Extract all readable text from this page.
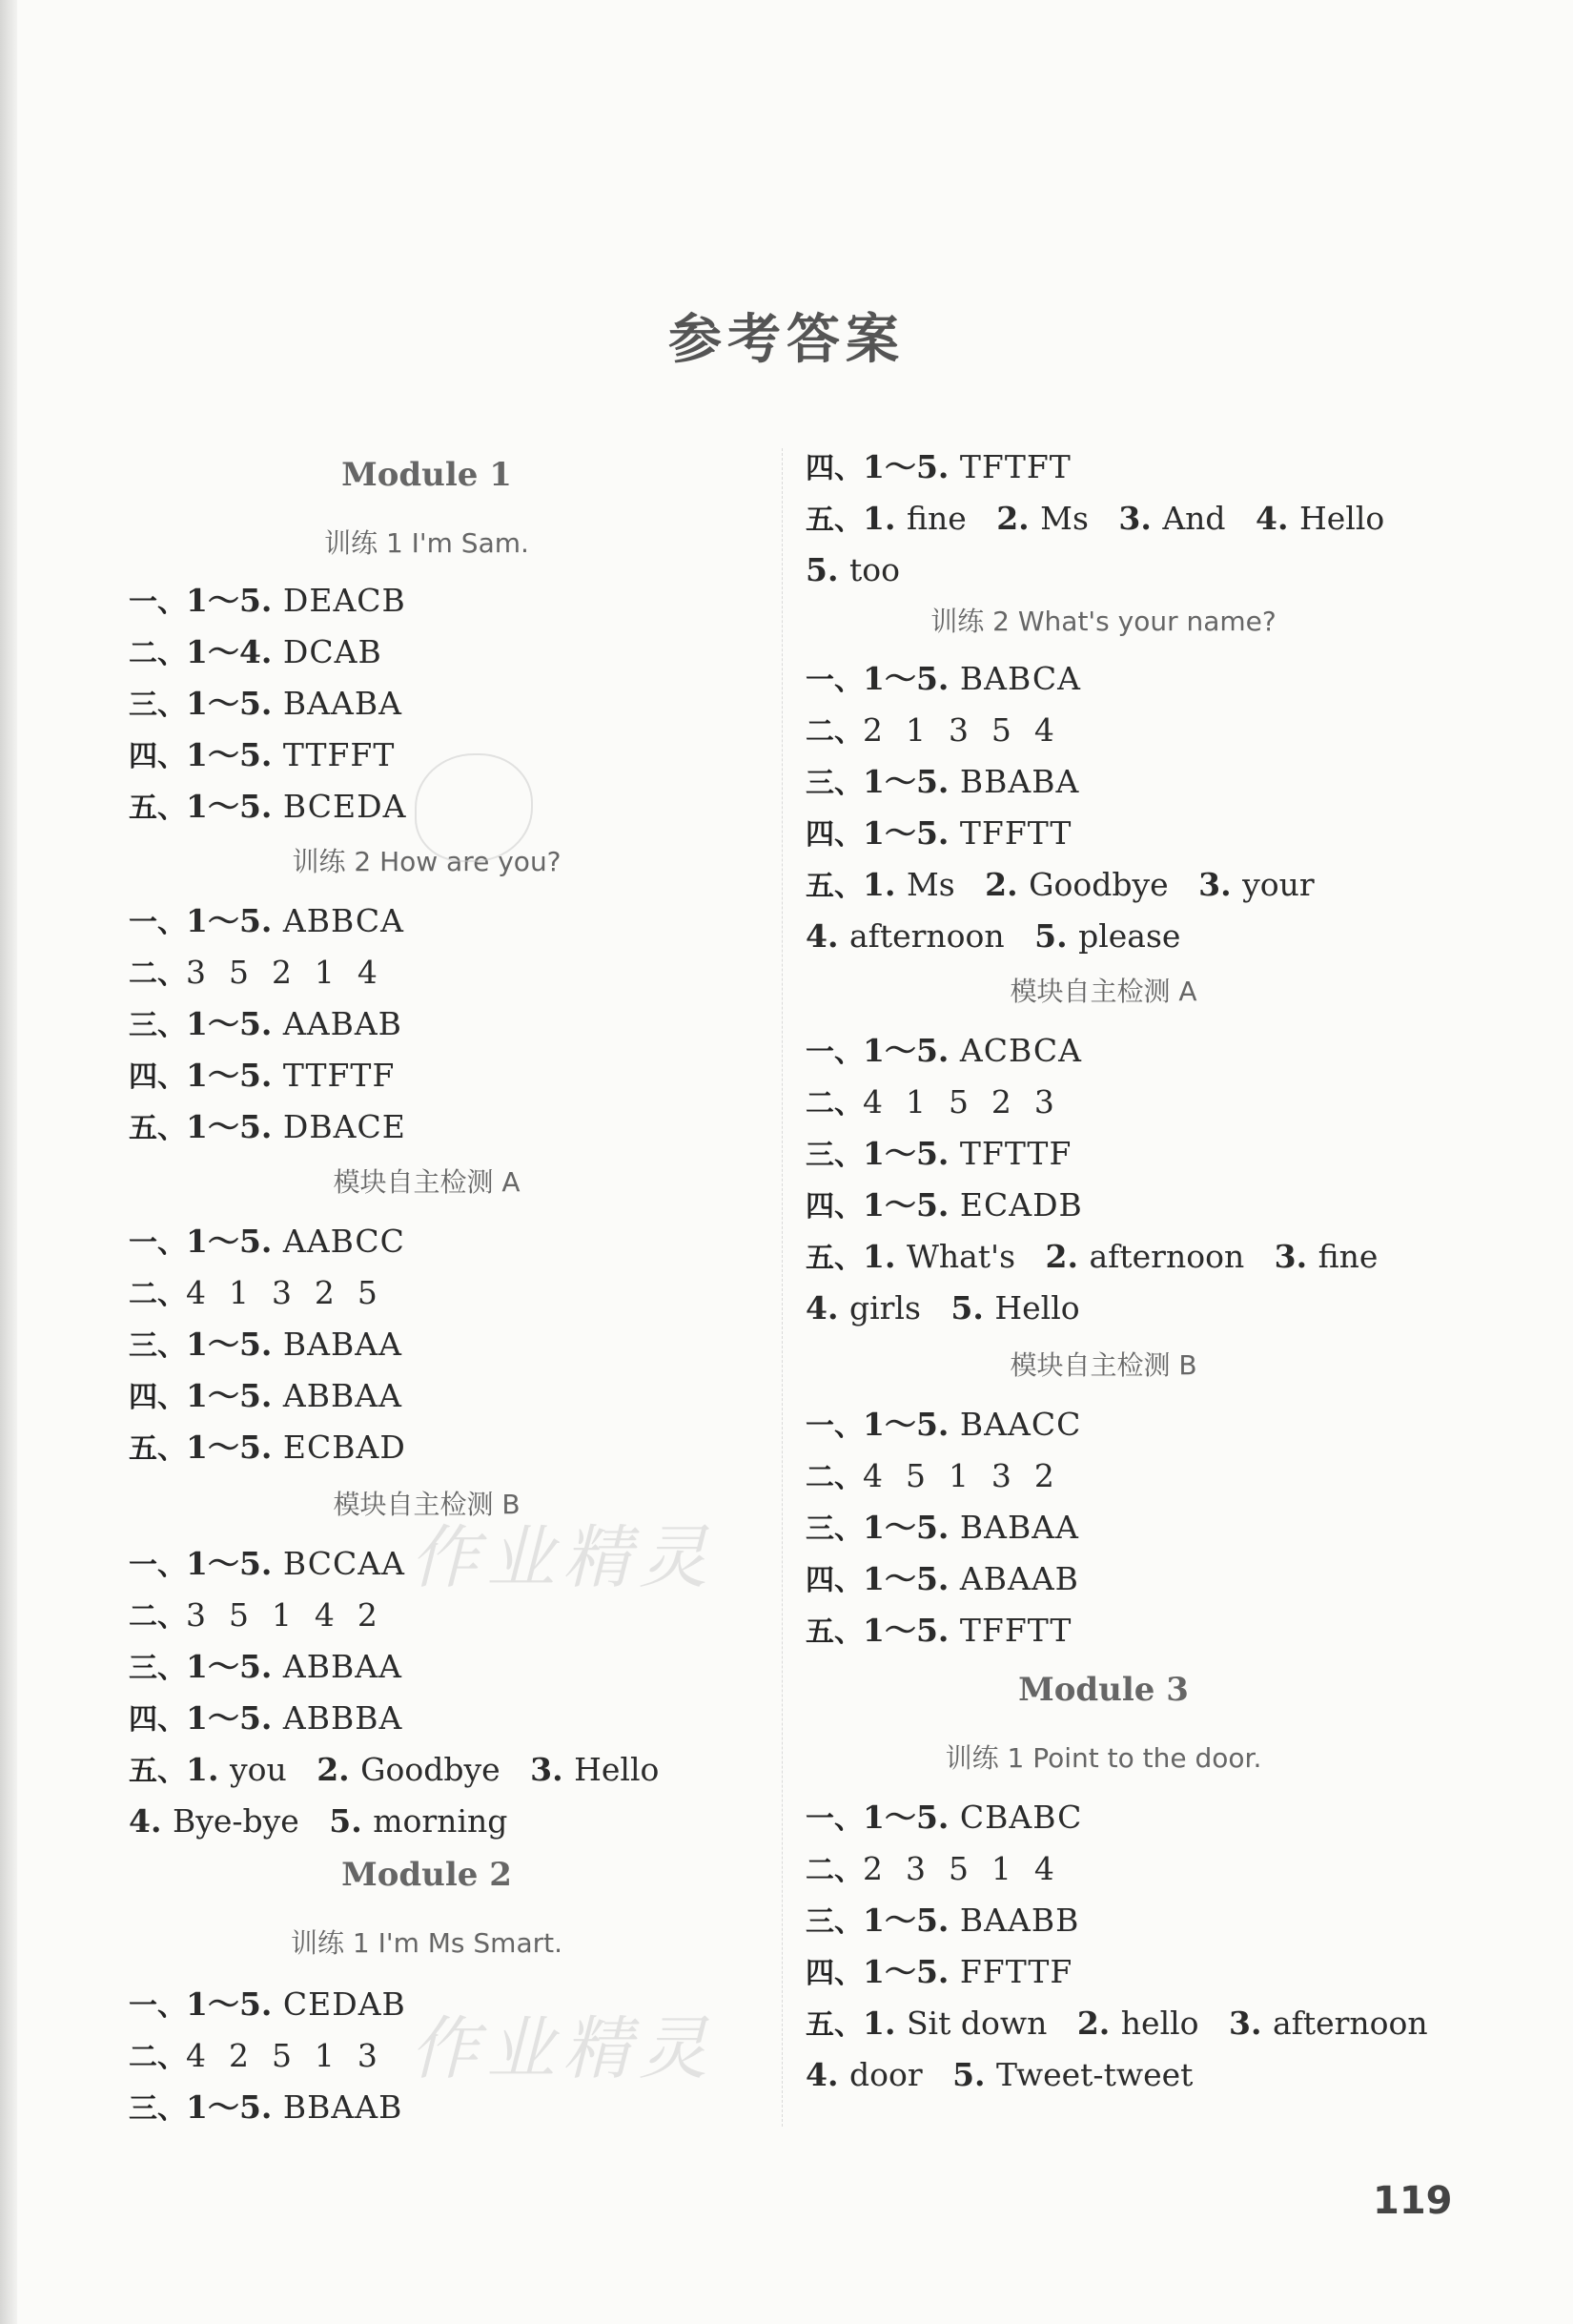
参考答案
Module 1
训练 1 I'm Sam.
一、1～5. DEACB
二、1～4. DCAB
三、1～5. BAABA
四、1～5. TTFFT
五、1～5. BCEDA
训练 2 How are you?
一、1～5. ABBCA
二、3  5  2  1  4
三、1～5. AABAB
四、1～5. TTFTF
五、1～5. DBACE
模块自主检测 A
一、1～5. AABCC
二、4  1  3  2  5
三、1～5. BABAA
四、1～5. ABBAA
五、1～5. ECBAD
模块自主检测 B
一、1～5. BCCAA
二、3  5  1  4  2
三、1～5. ABBAA
四、1～5. ABBBA
五、1. you   2. Goodbye   3. Hello
4. Bye-bye   5. morning
Module 2
训练 1 I'm Ms Smart.
一、1～5. CEDAB
二、4  2  5  1  3
三、1～5. BBAAB
四、1～5. TFTFT
五、1. fine   2. Ms   3. And   4. Hello
5. too
训练 2 What's your name?
一、1～5. BABCA
二、2  1  3  5  4
三、1～5. BBABA
四、1～5. TFFTT
五、1. Ms   2. Goodbye   3. your
4. afternoon   5. please
模块自主检测 A
一、1～5. ACBCA
二、4  1  5  2  3
三、1～5. TFTTF
四、1～5. ECADB
五、1. What's   2. afternoon   3. fine
4. girls   5. Hello
模块自主检测 B
一、1～5. BAACC
二、4  5  1  3  2
三、1～5. BABAA
四、1～5. ABAAB
五、1～5. TFFTT
Module 3
训练 1 Point to the door.
一、1～5. CBABC
二、2  3  5  1  4
三、1～5. BAABB
四、1～5. FFTTF
五、1. Sit down   2. hello   3. afternoon
4. door   5. Tweet-tweet
作业精灵
作业精灵
119
